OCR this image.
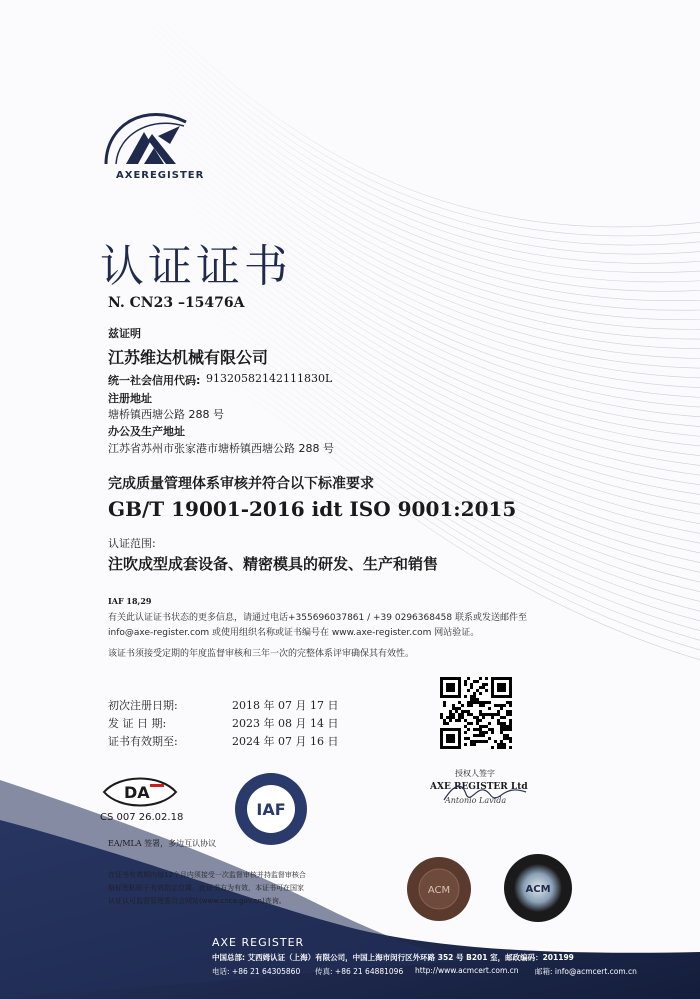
AXEREGISTER
认证证书
N. CN23 –15476A
兹证明
江苏维达机械有限公司
统一社会信用代码: 91320582142111830L
注册地址
塘桥镇西塘公路 288 号
办公及生产地址
江苏省苏州市张家港市塘桥镇西塘公路 288 号
完成质量管理体系审核并符合以下标准要求
GB/T 19001-2016 idt ISO 9001:2015
认证范围:
注吹成型成套设备、精密模具的研发、生产和销售
IAF 18,29
有关此认证证书状态的更多信息，请通过电话+355696037861 / +39 0296368458 联系或发送邮件至
info@axe-register.com 或使用组织名称或证书编号在 www.axe-register.com 网站验证。
该证书须接受定期的年度监督审核和三年一次的完整体系评审确保其有效性。
初次注册日期:	2018 年 07 月 17 日
发 证 日 期:	2023 年 08 月 14 日
证书有效期至:	2024 年 07 月 16 日
授权人签字
AXE REGISTER Ltd
Antonio Lavida
DA
CS 007 26.02.18	IAF
EA/MLA 签署，多边互认协议
在证书有效期内每12个月内须接受一次监督审核并持监督审核合
格标签粘贴于有效指定位置，此证书方为有效，本证书可在国家
认证认可监督管理委员会网站(www.cnca.gov.cn)查询。
ACM	ACM
AXE REGISTER
中国总部: 艾西姆认证（上海）有限公司，中国上海市闵行区外环路 352 号 B201 室，邮政编码：201199
电话: +86 21 64305860 传真: +86 21 64881096 http://www.acmcert.com.cn 邮箱: info@acmcert.com.cn
